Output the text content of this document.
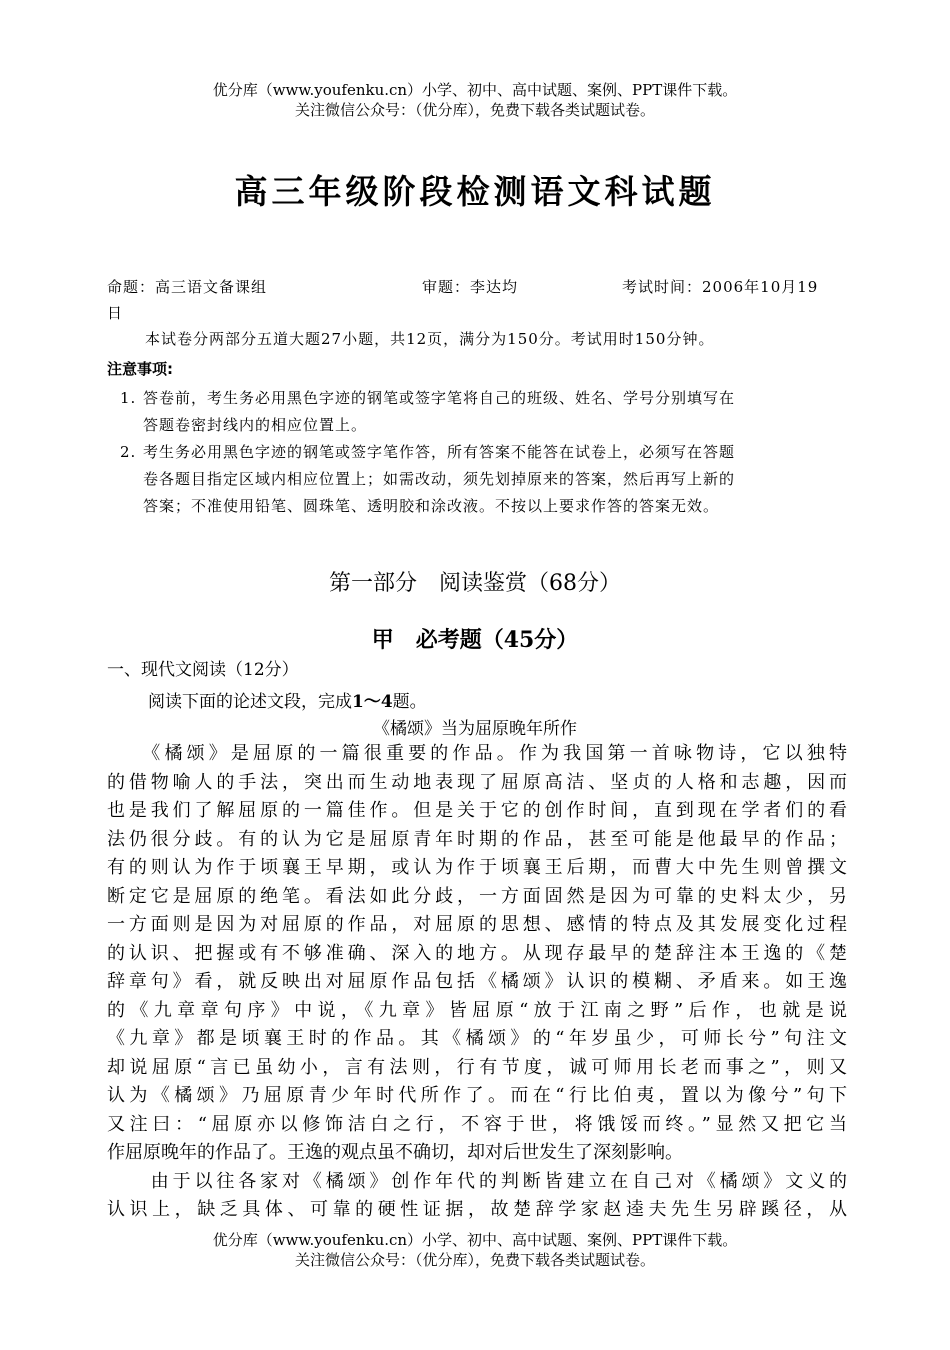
优分库（www.youfenku.cn）小学、初中、高中试题、案例、PPT课件下载。
关注微信公众号：（优分库），免费下载各类试题试卷。
高三年级阶段检测语文科试题
命题：高三语文备课组	审题：李达均	考试时间：2006年10月19
日
本试卷分两部分五道大题27小题，共12页，满分为150分。考试用时150分钟。
注意事项:
1. 答卷前，考生务必用黑色字迹的钢笔或签字笔将自己的班级、姓名、学号分别填写在
答题卷密封线内的相应位置上。
2. 考生务必用黑色字迹的钢笔或签字笔作答，所有答案不能答在试卷上，必须写在答题
卷各题目指定区域内相应位置上；如需改动，须先划掉原来的答案，然后再写上新的
答案；不准使用铅笔、圆珠笔、透明胶和涂改液。不按以上要求作答的答案无效。
第一部分　阅读鉴赏（68分）
甲　必考题（45分）
一、现代文阅读（12分）
阅读下面的论述文段，完成1～4题。
《橘颂》当为屈原晚年所作
　　《橘颂》是屈原的一篇很重要的作品。作为我国第一首咏物诗，它以独特
的借物喻人的手法，突出而生动地表现了屈原高洁、坚贞的人格和志趣，因而
也是我们了解屈原的一篇佳作。但是关于它的创作时间，直到现在学者们的看
法仍很分歧。有的认为它是屈原青年时期的作品，甚至可能是他最早的作品；
有的则认为作于顷襄王早期，或认为作于顷襄王后期，而曹大中先生则曾撰文
断定它是屈原的绝笔。看法如此分歧，一方面固然是因为可靠的史料太少，另
一方面则是因为对屈原的作品，对屈原的思想、感情的特点及其发展变化过程
的认识、把握或有不够准确、深入的地方。从现存最早的楚辞注本王逸的《楚
辞章句》看，就反映出对屈原作品包括《橘颂》认识的模糊、矛盾来。如王逸
的《九章章句序》中说，《九章》皆屈原“放于江南之野”后作，也就是说
《九章》都是顷襄王时的作品。其《橘颂》的“年岁虽少，可师长兮”句注文
却说屈原“言已虽幼小，言有法则，行有节度，诚可师用长老而事之”，则又
认为《橘颂》乃屈原青少年时代所作了。而在“行比伯夷，置以为像兮”句下
又注曰：“屈原亦以修饰洁白之行，不容于世，将饿馁而终。”显然又把它当
作屈原晚年的作品了。王逸的观点虽不确切，却对后世发生了深刻影响。
　　由于以往各家对《橘颂》创作年代的判断皆建立在自己对《橘颂》文义的
认识上，缺乏具体、可靠的硬性证据，故楚辞学家赵逵夫先生另辟蹊径，从
优分库（www.youfenku.cn）小学、初中、高中试题、案例、PPT课件下载。
关注微信公众号：（优分库），免费下载各类试题试卷。
